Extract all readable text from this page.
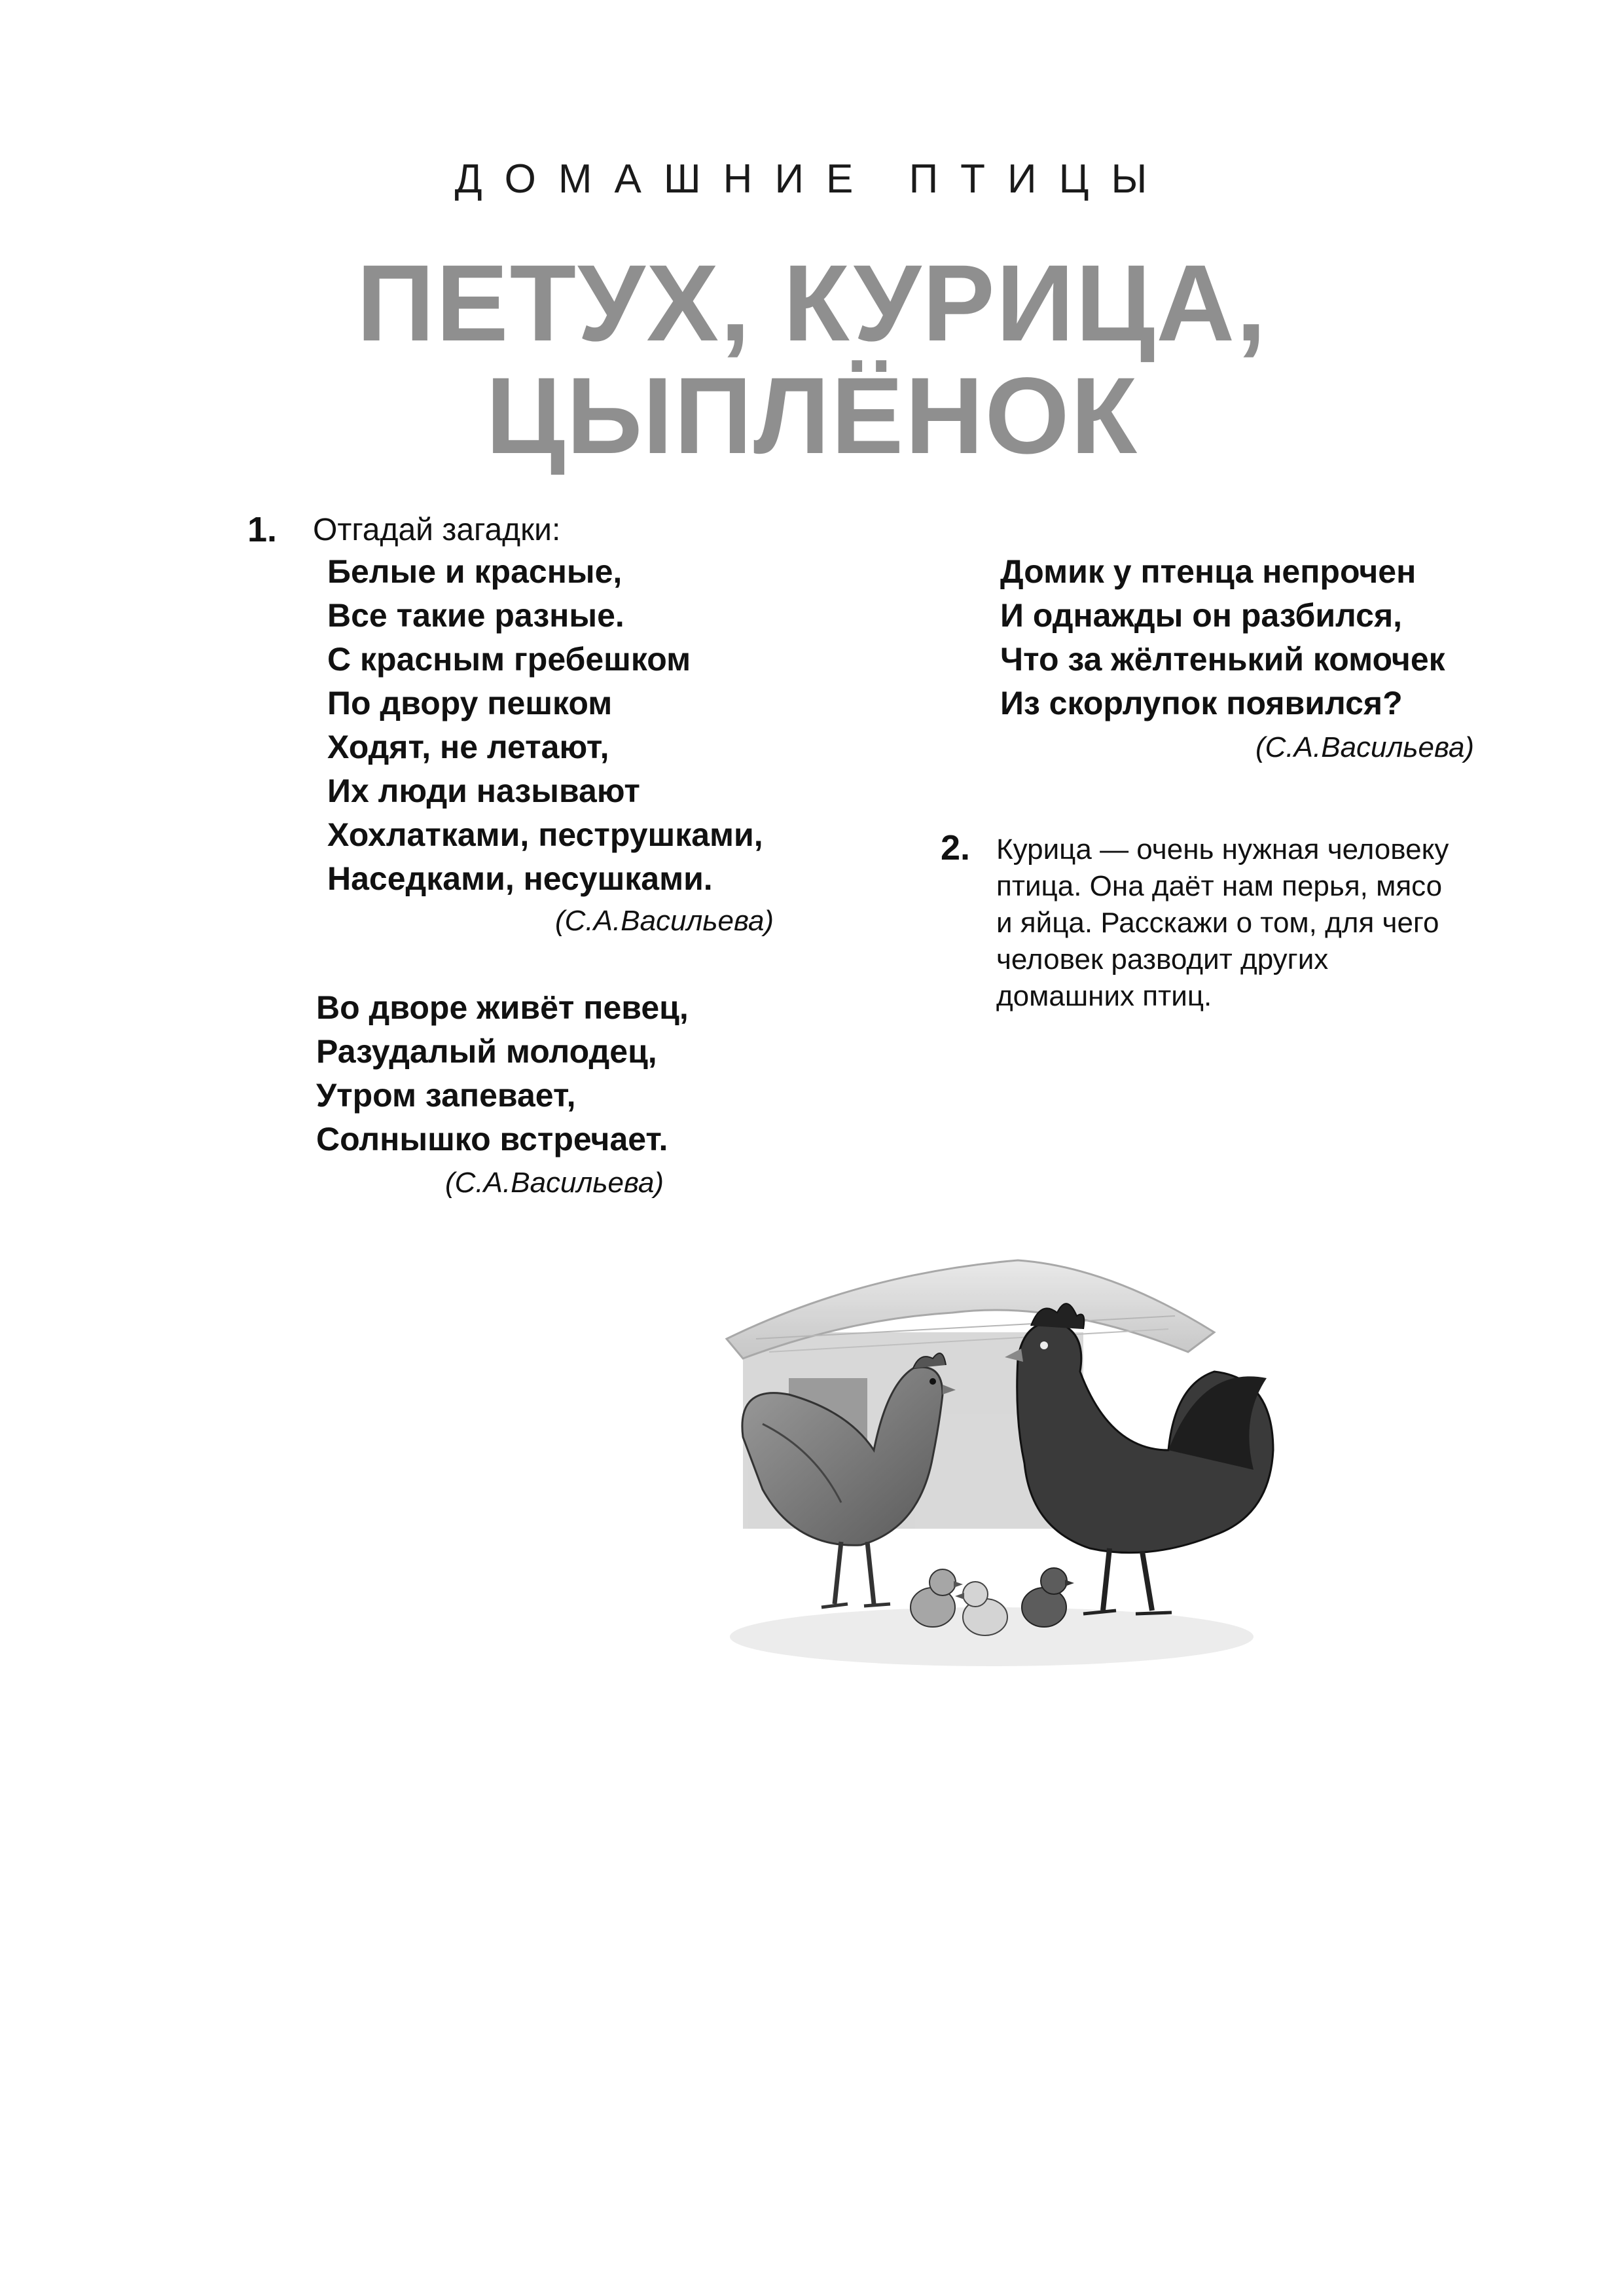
ДОМАШНИЕ ПТИЦЫ
ПЕТУХ, КУРИЦА,
ЦЫПЛЁНОК
1. Отгадай загадки:
Белые и красные,
Все такие разные.
С красным гребешком
По двору пешком
Ходят, не летают,
Их люди называют
Хохлатками, пеструшками,
Наседками, несушками.
(С.А.Васильева)
Во дворе живёт певец,
Разудалый молодец,
Утром запевает,
Солнышко встречает.
(С.А.Васильева)
Домик у птенца непрочен
И однажды он разбился,
Что за жёлтенький комочек
Из скорлупок появился?
(С.А.Васильева)
2. Курица — очень нужная человеку
птица. Она даёт нам перья, мясо
и яйца. Расскажи о том, для чего
человек разводит других
домашних птиц.
